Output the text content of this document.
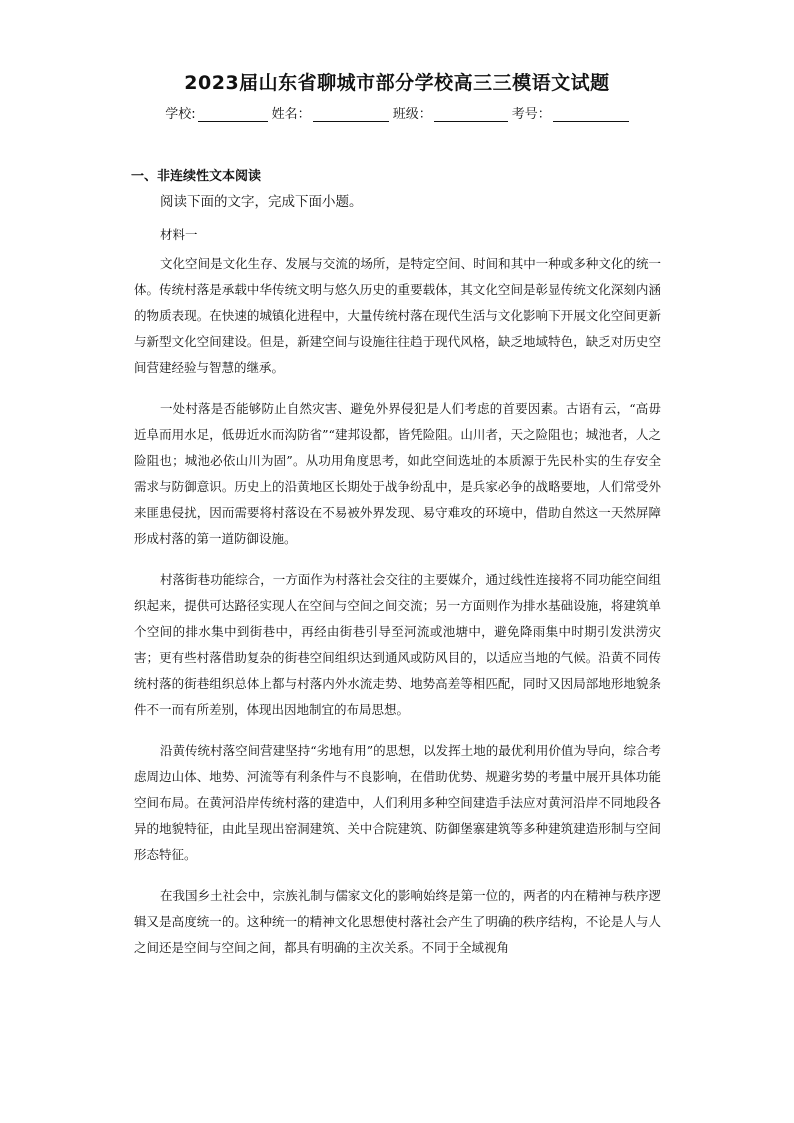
2023届山东省聊城市部分学校高三三模语文试题
学校:	姓名：	班级：	考号：
一、非连续性文本阅读
阅读下面的文字，完成下面小题。
材料一

文化空间是文化生存、发展与交流的场所，是特定空间、时间和其中一种或多种文化的统一体。传统村落是承载中华传统文明与悠久历史的重要载体，其文化空间是彰显传统文化深刻内涵的物质表现。在快速的城镇化进程中，大量传统村落在现代生活与文化影响下开展文化空间更新与新型文化空间建设。但是，新建空间与设施往往趋于现代风格，缺乏地域特色，缺乏对历史空间营建经验与智慧的继承。

一处村落是否能够防止自然灾害、避免外界侵犯是人们考虑的首要因素。古语有云，“高毋近阜而用水足，低毋近水而沟防省”“建邦设都，皆凭险阻。山川者，天之险阻也；城池者，人之险阻也；城池必依山川为固”。从功用角度思考，如此空间选址的本质源于先民朴实的生存安全需求与防御意识。历史上的沿黄地区长期处于战争纷乱中，是兵家必争的战略要地，人们常受外来匪患侵扰，因而需要将村落设在不易被外界发现、易守难攻的环境中，借助自然这一天然屏障形成村落的第一道防御设施。

村落街巷功能综合，一方面作为村落社会交往的主要媒介，通过线性连接将不同功能空间组织起来，提供可达路径实现人在空间与空间之间交流；另一方面则作为排水基础设施，将建筑单个空间的排水集中到街巷中，再经由街巷引导至河流或池塘中，避免降雨集中时期引发洪涝灾害；更有些村落借助复杂的街巷空间组织达到通风或防风目的，以适应当地的气候。沿黄不同传统村落的街巷组织总体上都与村落内外水流走势、地势高差等相匹配，同时又因局部地形地貌条件不一而有所差别，体现出因地制宜的布局思想。

沿黄传统村落空间营建坚持“劣地有用”的思想，以发挥土地的最优利用价值为导向，综合考虑周边山体、地势、河流等有利条件与不良影响，在借助优势、规避劣势的考量中展开具体功能空间布局。在黄河沿岸传统村落的建造中，人们利用多种空间建造手法应对黄河沿岸不同地段各异的地貌特征，由此呈现出窑洞建筑、关中合院建筑、防御堡寨建筑等多种建筑建造形制与空间形态特征。

在我国乡土社会中，宗族礼制与儒家文化的影响始终是第一位的，两者的内在精神与秩序逻辑又是高度统一的。这种统一的精神文化思想使村落社会产生了明确的秩序结构，不论是人与人之间还是空间与空间之间，都具有明确的主次关系。不同于全域视角
